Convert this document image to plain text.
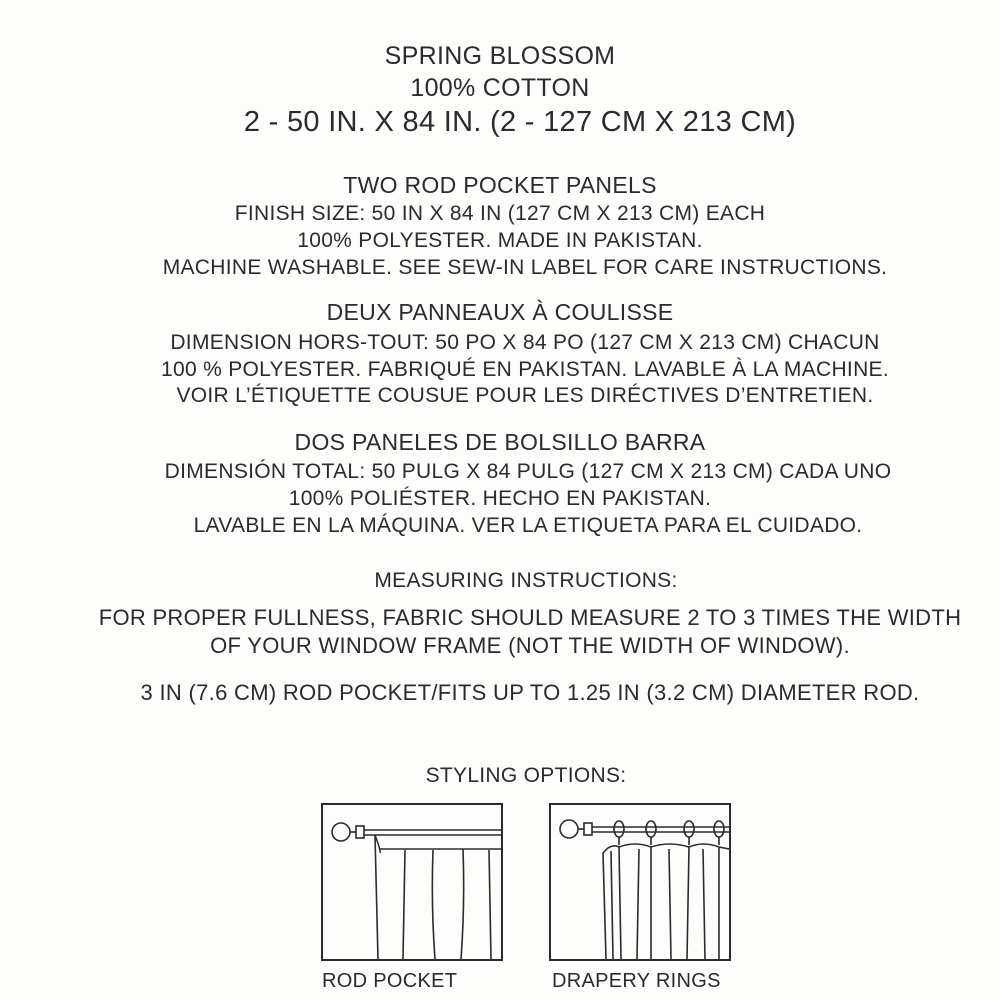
SPRING BLOSSOM
100% COTTON
2 - 50 IN. X 84 IN. (2 - 127 CM X 213 CM)
TWO ROD POCKET PANELS
FINISH SIZE: 50 IN X 84 IN (127 CM X 213 CM) EACH
100% POLYESTER. MADE IN PAKISTAN.
MACHINE WASHABLE. SEE SEW-IN LABEL FOR CARE INSTRUCTIONS.
DEUX PANNEAUX À COULISSE
DIMENSION HORS-TOUT: 50 PO X 84 PO (127 CM X 213 CM) CHACUN
100 % POLYESTER. FABRIQUÉ EN PAKISTAN. LAVABLE À LA MACHINE.
VOIR L’ÉTIQUETTE COUSUE POUR LES DIRÉCTIVES D’ENTRETIEN.
DOS PANELES DE BOLSILLO BARRA
DIMENSIÓN TOTAL: 50 PULG X 84 PULG (127 CM X 213 CM) CADA UNO
100% POLIÉSTER. HECHO EN PAKISTAN.
LAVABLE EN LA MÁQUINA. VER LA ETIQUETA PARA EL CUIDADO.
MEASURING INSTRUCTIONS:
FOR PROPER FULLNESS, FABRIC SHOULD MEASURE 2 TO 3 TIMES THE WIDTH
OF YOUR WINDOW FRAME (NOT THE WIDTH OF WINDOW).
3 IN (7.6 CM) ROD POCKET/FITS UP TO 1.25 IN (3.2 CM) DIAMETER ROD.
STYLING OPTIONS:
ROD POCKET	DRAPERY RINGS
